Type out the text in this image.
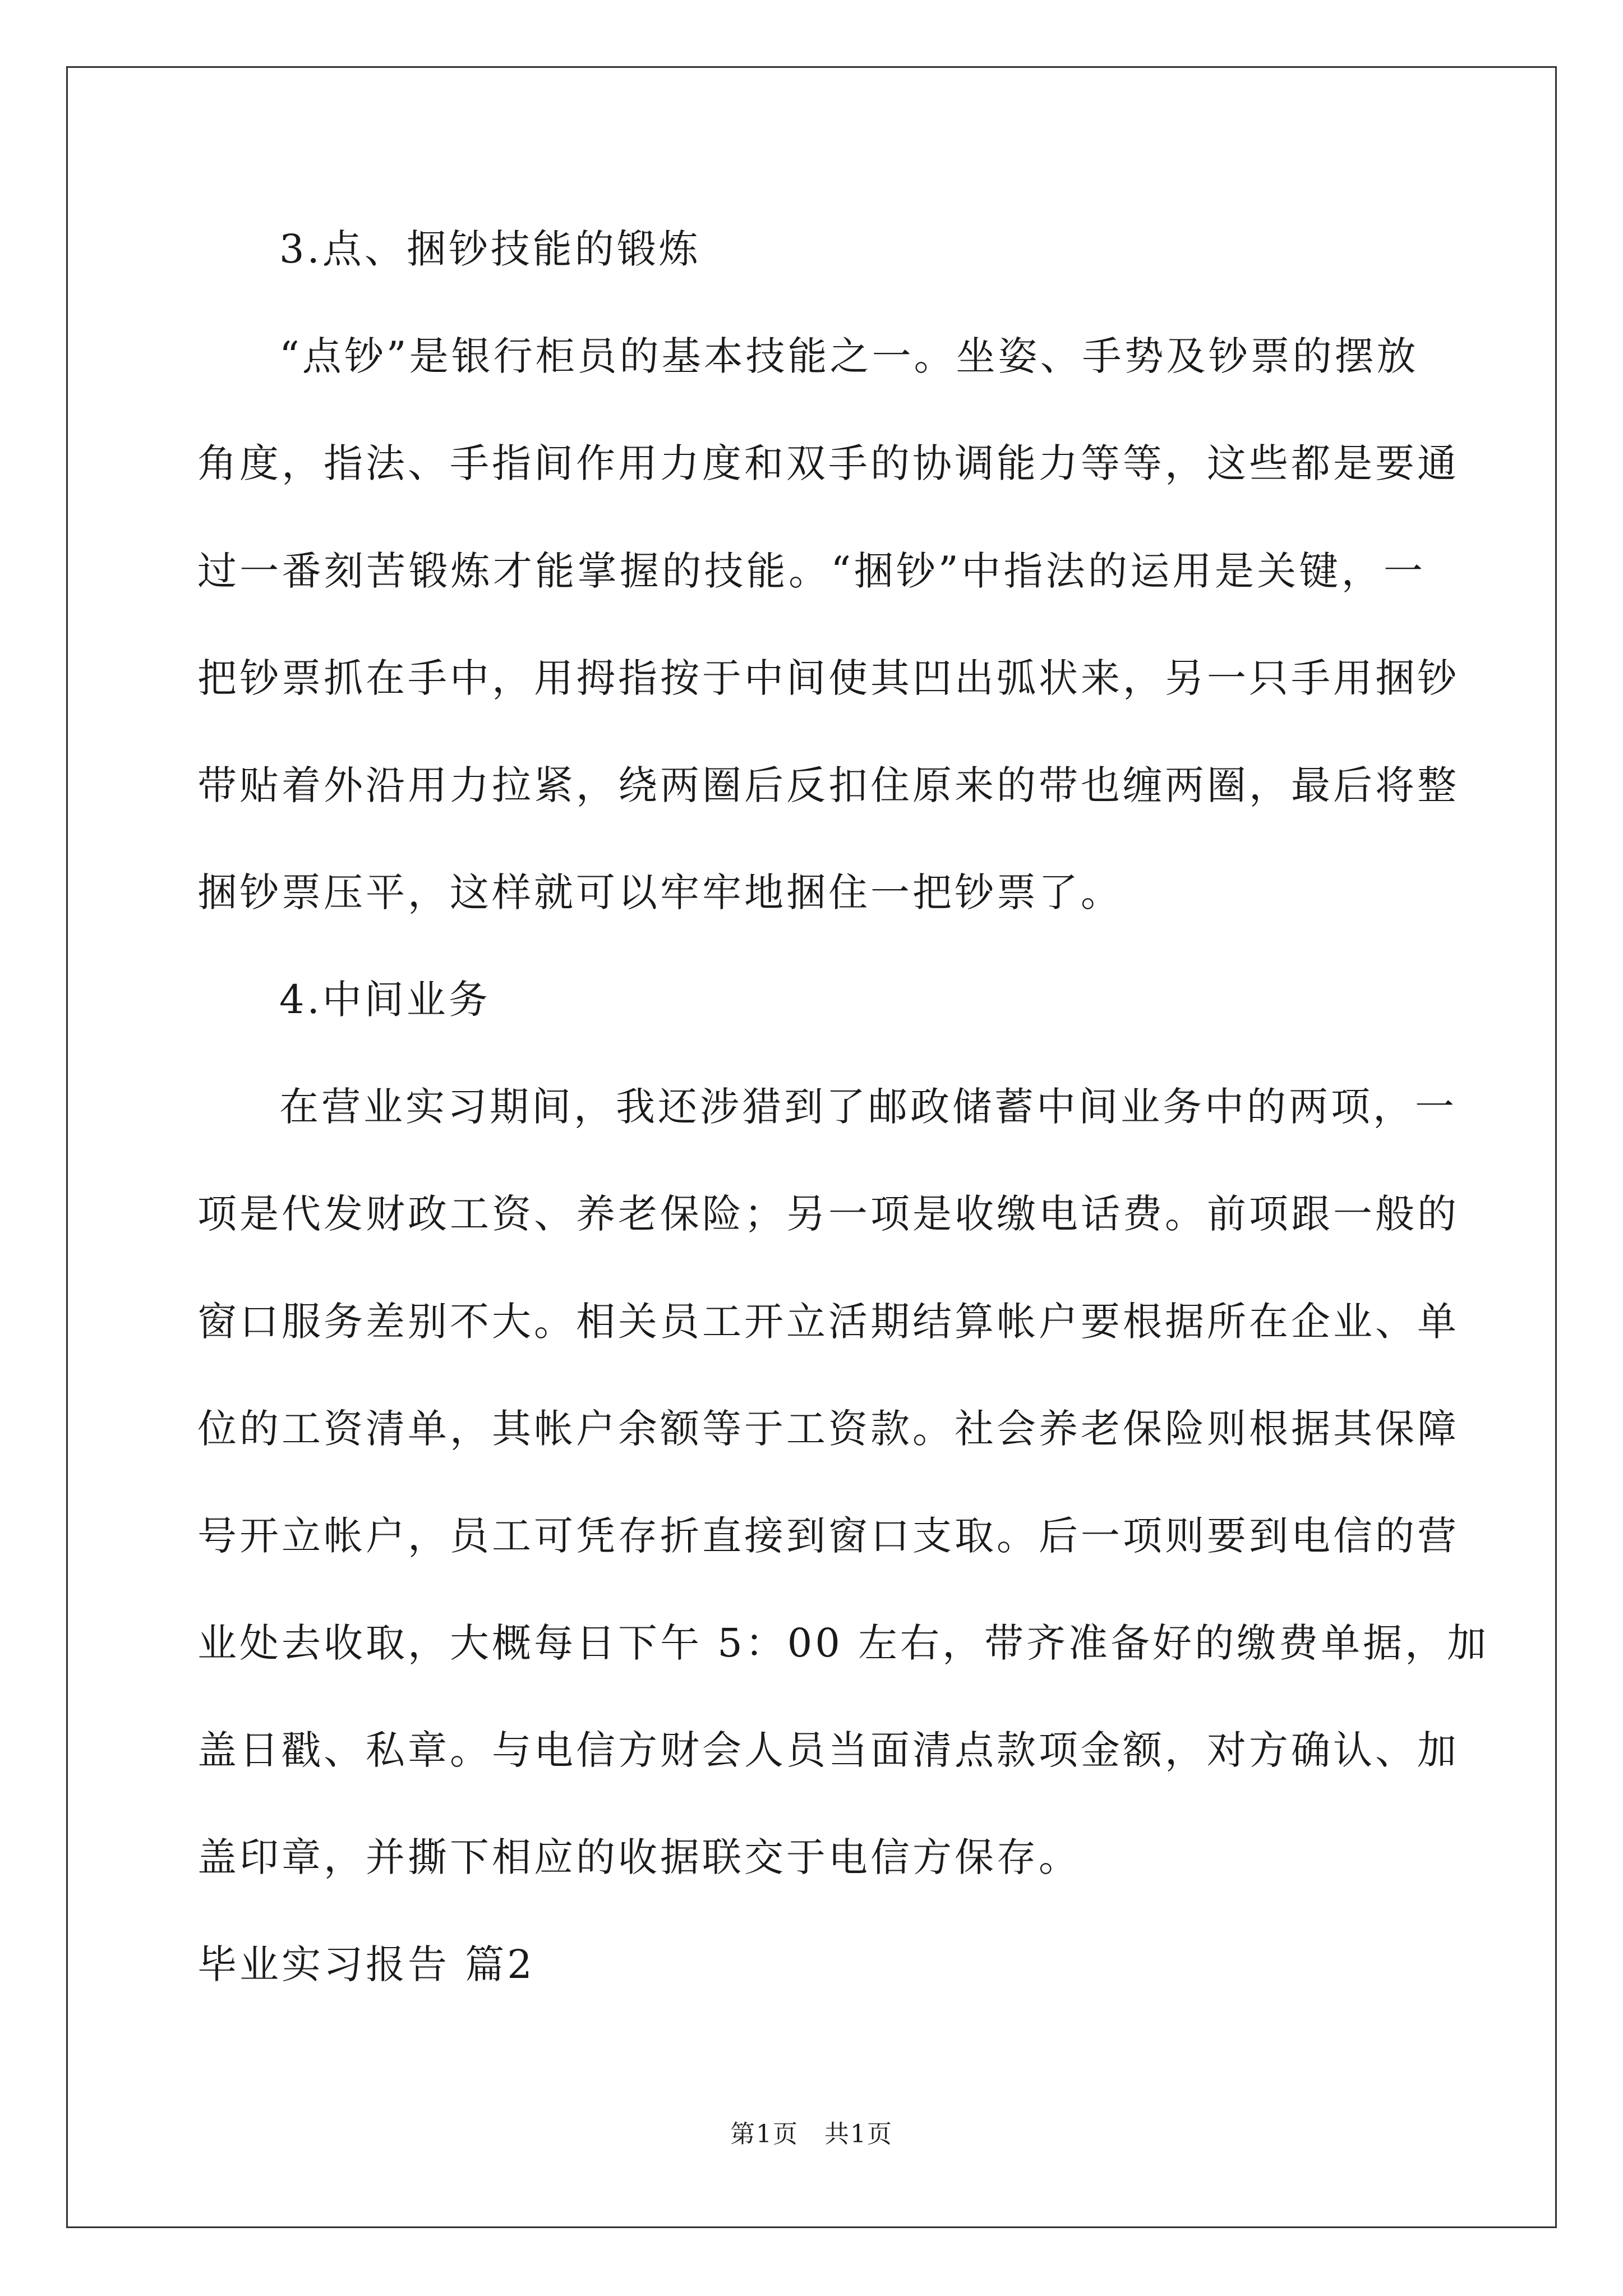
3.点、捆钞技能的锻炼
“点钞”是银行柜员的基本技能之一。坐姿、手势及钞票的摆放
角度，指法、手指间作用力度和双手的协调能力等等，这些都是要通
过一番刻苦锻炼才能掌握的技能。“捆钞”中指法的运用是关键，一
把钞票抓在手中，用拇指按于中间使其凹出弧状来，另一只手用捆钞
带贴着外沿用力拉紧，绕两圈后反扣住原来的带也缠两圈，最后将整
捆钞票压平，这样就可以牢牢地捆住一把钞票了。
4.中间业务
在营业实习期间，我还涉猎到了邮政储蓄中间业务中的两项，一
项是代发财政工资、养老保险；另一项是收缴电话费。前项跟一般的
窗口服务差别不大。相关员工开立活期结算帐户要根据所在企业、单
位的工资清单，其帐户余额等于工资款。社会养老保险则根据其保障
号开立帐户，员工可凭存折直接到窗口支取。后一项则要到电信的营
业处去收取，大概每日下午 5：00 左右，带齐准备好的缴费单据，加
盖日戳、私章。与电信方财会人员当面清点款项金额，对方确认、加
盖印章，并撕下相应的收据联交于电信方保存。
毕业实习报告 篇2
第1页　共1页
